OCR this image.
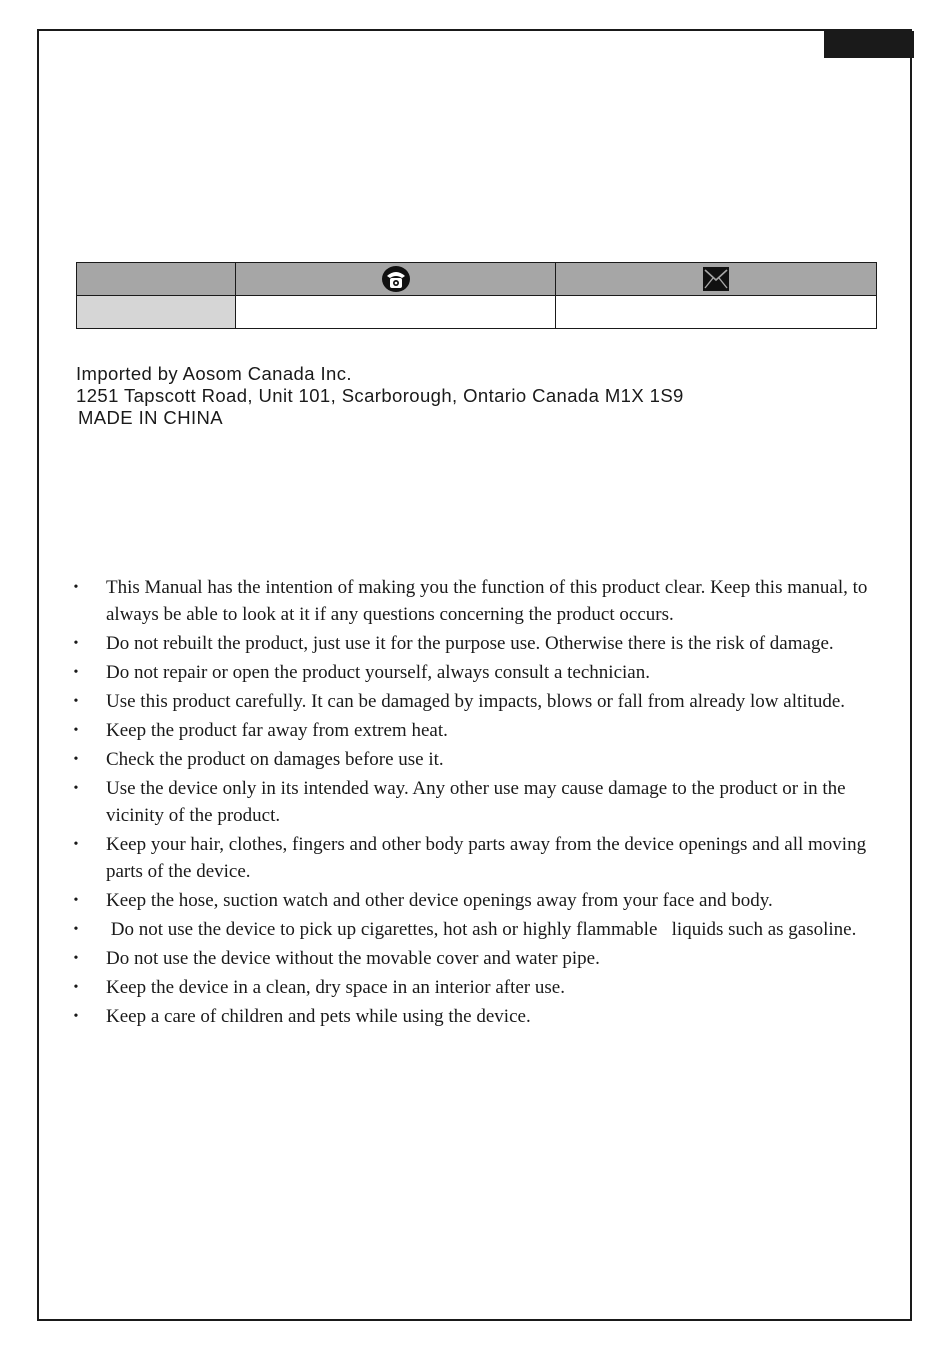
Imported by Aosom Canada Inc.
1251 Tapscott Road, Unit 101, Scarborough, Ontario Canada M1X 1S9
MADE IN CHINA
• This Manual has the intention of making you the function of this product clear. Keep this manual, to always be able to look at it if any questions concerning the product occurs.
• Do not rebuilt the product, just use it for the purpose use. Otherwise there is the risk of damage.
• Do not repair or open the product yourself, always consult a technician.
• Use this product carefully. It can be damaged by impacts, blows or fall from already low altitude.
• Keep the product far away from extrem heat.
• Check the product on damages before use it.
• Use the device only in its intended way. Any other use may cause damage to the product or in the vicinity of the product.
• Keep your hair, clothes, fingers and other body parts away from the device openings and all moving parts of the device.
• Keep the hose, suction watch and other device openings away from your face and body.
• Do not use the device to pick up cigarettes, hot ash or highly flammable   liquids such as gasoline.
• Do not use the device without the movable cover and water pipe.
• Keep the device in a clean, dry space in an interior after use.
• Keep a care of children and pets while using the device.
